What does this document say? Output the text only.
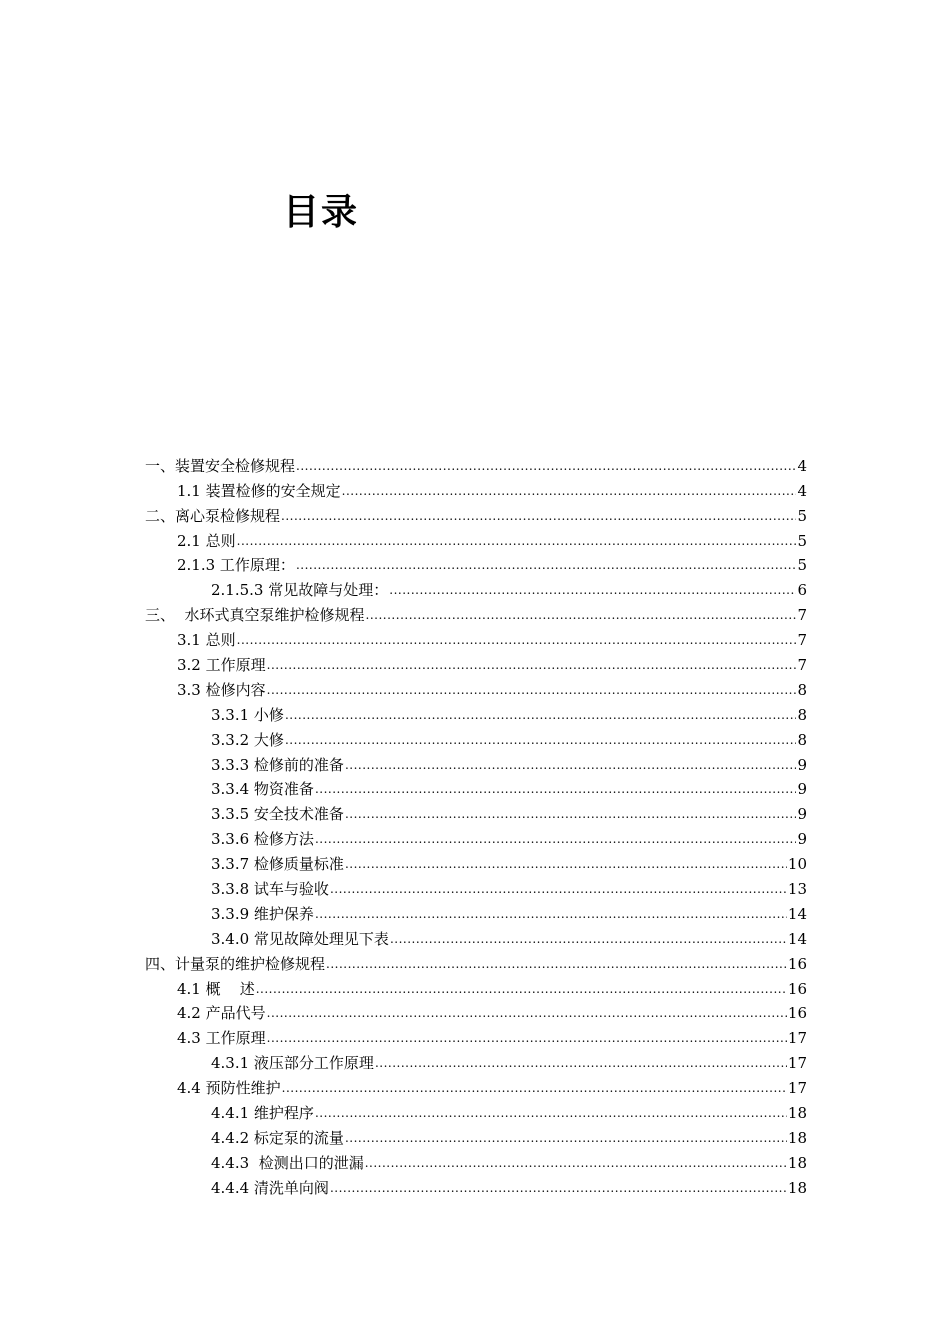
目录
一、装置安全检修规程 .....	4
1.1 装置检修的安全规定 .....	4
二、离心泵检修规程 .....	5
2.1 总则 .....	5
2.1.3 工作原理： .....	5
2.1.5.3 常见故障与处理： .....	6
三、  水环式真空泵维护检修规程 .....	7
3.1 总则 .....	7
3.2 工作原理 .....	7
3.3 检修内容 .....	8
3.3.1 小修 .....	8
3.3.2 大修 .....	8
3.3.3 检修前的准备 .....	9
3.3.4 物资准备 .....	9
3.3.5 安全技术准备 .....	9
3.3.6 检修方法 .....	9
3.3.7 检修质量标准 .....	10
3.3.8 试车与验收 .....	13
3.3.9 维护保养 .....	14
3.4.0 常见故障处理见下表 .....	14
四、计量泵的维护检修规程 .....	16
4.1 概    述 .....	16
4.2 产品代号 .....	16
4.3 工作原理 .....	17
4.3.1 液压部分工作原理 .....	17
4.4 预防性维护 .....	17
4.4.1 维护程序 .....	18
4.4.2 标定泵的流量 .....	18
4.4.3  检测出口的泄漏 .....	18
4.4.4 清洗单向阀 .....	18
